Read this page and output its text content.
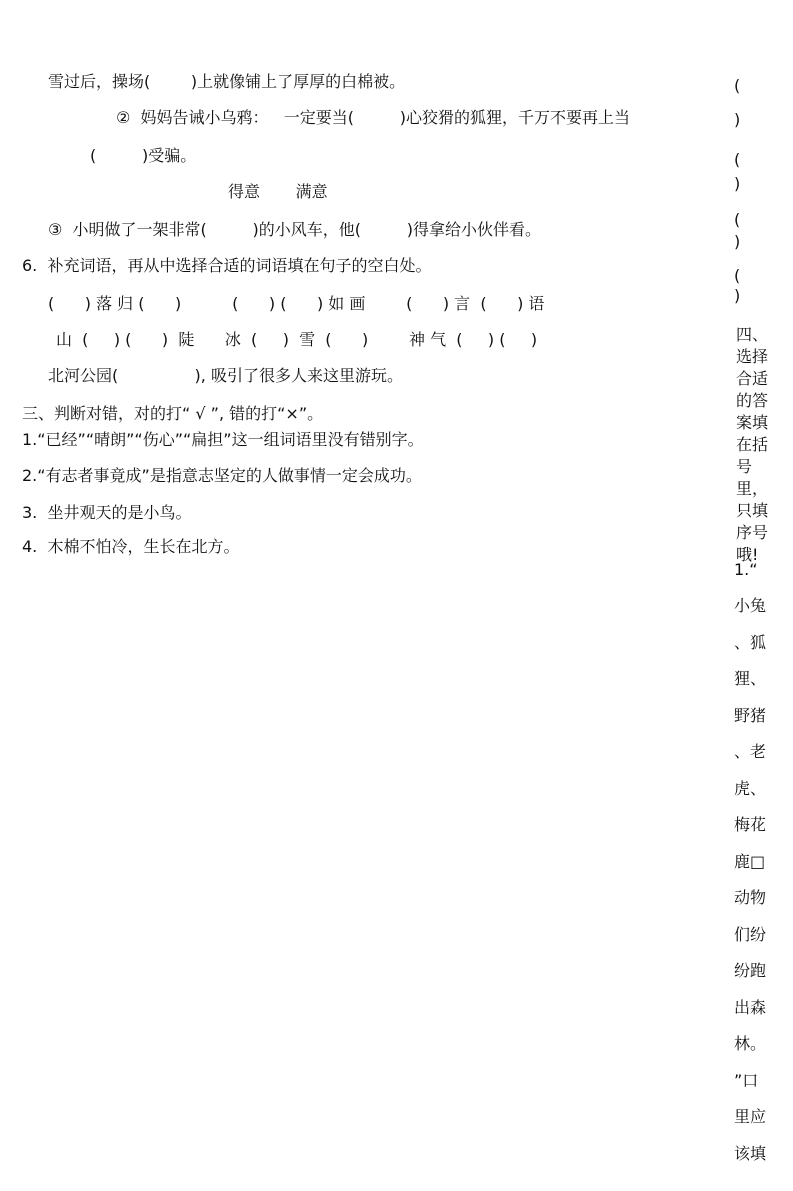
雪过后，操场(        )上就像铺上了厚厚的白棉被。
②  妈妈告诫小乌鸦：   一定要当(         )心狡猾的狐狸，千万不要再上当
(         )受骗。
得意       满意
③  小明做了一架非常(         )的小风车，他(         )得拿给小伙伴看。
6.  补充词语，再从中选择合适的词语填在句子的空白处。
(      ) 落 归 (      )          (      ) (      ) 如 画        (      ) 言  (      ) 语
山  (     ) (      )  陡      冰  (     )  雪  (      )        神 气  (     ) (     )
北河公园(               ), 吸引了很多人来这里游玩。
三、判断对错，对的打“ √ ”, 错的打“×”。
1.“已经”“晴朗”“伤心”“扁担”这一组词语里没有错别字。
2.“有志者事竟成”是指意志坚定的人做事情一定会成功。
3.  坐井观天的是小鸟。
4.  木棉不怕冷，生长在北方。
(
)
(
)
(
)
(
)
四、选择合适的答案填在括号里，只填序号哦!
1.“
小兔
、狐
狸、
野猪
、老
虎、
梅花
鹿□
动物
们纷
纷跑
出森
林。
”口
里应
该填
